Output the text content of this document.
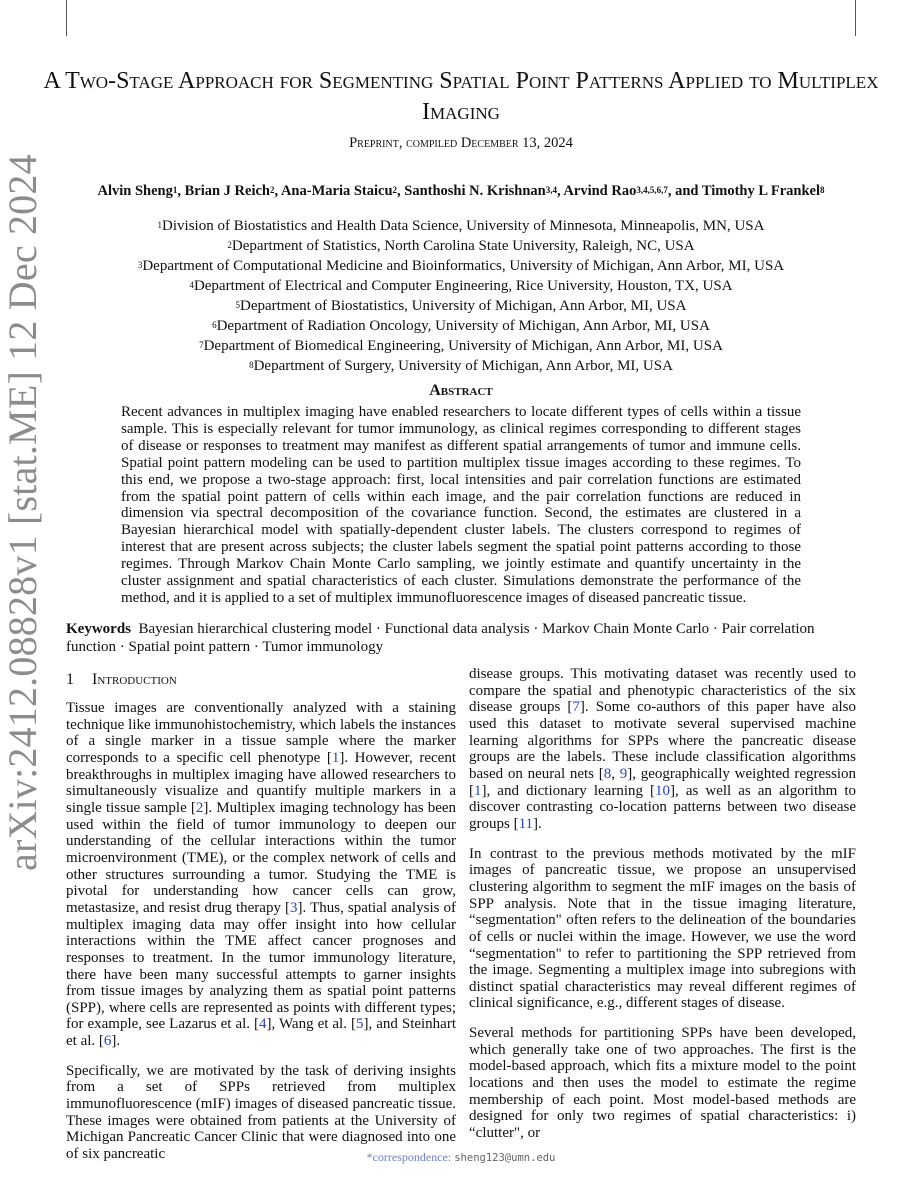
arXiv:2412.08828v1 [stat.ME] 12 Dec 2024
A Two-Stage Approach for Segmenting Spatial Point Patterns Applied to Multiplex Imaging
Preprint, compiled December 13, 2024
Alvin Sheng$^1$, Brian J Reich$^2$, Ana-Maria Staicu$^2$, Santhoshi N. Krishnan$^{3,4}$, Arvind Rao$^{3,4,5,6,7}$, and Timothy L Frankel$^8$
$^1$Division of Biostatistics and Health Data Science, University of Minnesota, Minneapolis, MN, USA
$^2$Department of Statistics, North Carolina State University, Raleigh, NC, USA
$^3$Department of Computational Medicine and Bioinformatics, University of Michigan, Ann Arbor, MI, USA
$^4$Department of Electrical and Computer Engineering, Rice University, Houston, TX, USA
$^5$Department of Biostatistics, University of Michigan, Ann Arbor, MI, USA
$^6$Department of Radiation Oncology, University of Michigan, Ann Arbor, MI, USA
$^7$Department of Biomedical Engineering, University of Michigan, Ann Arbor, MI, USA
$^8$Department of Surgery, University of Michigan, Ann Arbor, MI, USA
Abstract

Recent advances in multiplex imaging have enabled researchers to locate different types of cells within a tissue sample. This is especially relevant for tumor immunology, as clinical regimes corresponding to different stages of disease or responses to treatment may manifest as different spatial arrangements of tumor and immune cells. Spatial point pattern modeling can be used to partition multiplex tissue images according to these regimes. To this end, we propose a two-stage approach: first, local intensities and pair correlation functions are estimated from the spatial point pattern of cells within each image, and the pair correlation functions are reduced in dimension via spectral decomposition of the covariance function. Second, the estimates are clustered in a Bayesian hierarchical model with spatially-dependent cluster labels. The clusters correspond to regimes of interest that are present across subjects; the cluster labels segment the spatial point patterns according to those regimes. Through Markov Chain Monte Carlo sampling, we jointly estimate and quantify uncertainty in the cluster assignment and spatial characteristics of each cluster. Simulations demonstrate the performance of the method, and it is applied to a set of multiplex immunofluorescence images of diseased pancreatic tissue.

Keywords Bayesian hierarchical clustering model · Functional data analysis · Markov Chain Monte Carlo · Pair correlation function · Spatial point pattern · Tumor immunology

1 Introduction

Tissue images are conventionally analyzed with a staining technique like immunohistochemistry, which labels the instances of a single marker in a tissue sample where the marker corresponds to a specific cell phenotype [1]. However, recent breakthroughs in multiplex imaging have allowed researchers to simultaneously visualize and quantify multiple markers in a single tissue sample [2]. Multiplex imaging technology has been used within the field of tumor immunology to deepen our understanding of the cellular interactions within the tumor microenvironment (TME), or the complex network of cells and other structures surrounding a tumor. Studying the TME is pivotal for understanding how cancer cells can grow, metastasize, and resist drug therapy [3]. Thus, spatial analysis of multiplex imaging data may offer insight into how cellular interactions within the TME affect cancer prognoses and responses to treatment. In the tumor immunology literature, there have been many successful attempts to garner insights from tissue images by analyzing them as spatial point patterns (SPP), where cells are represented as points with different types; for example, see Lazarus et al. [4], Wang et al. [5], and Steinhart et al. [6].

Specifically, we are motivated by the task of deriving insights from a set of SPPs retrieved from multiplex immunofluorescence (mIF) images of diseased pancreatic tissue. These images were obtained from patients at the University of Michigan Pancreatic Cancer Clinic that were diagnosed into one of six pancreatic

disease groups. This motivating dataset was recently used to compare the spatial and phenotypic characteristics of the six disease groups [7]. Some co-authors of this paper have also used this dataset to motivate several supervised machine learning algorithms for SPPs where the pancreatic disease groups are the labels. These include classification algorithms based on neural nets [8, 9], geographically weighted regression [1], and dictionary learning [10], as well as an algorithm to discover contrasting co-location patterns between two disease groups [11].

In contrast to the previous methods motivated by the mIF images of pancreatic tissue, we propose an unsupervised clustering algorithm to segment the mIF images on the basis of SPP analysis. Note that in the tissue imaging literature, “segmentation" often refers to the delineation of the boundaries of cells or nuclei within the image. However, we use the word “segmentation" to refer to partitioning the SPP retrieved from the image. Segmenting a multiplex image into subregions with distinct spatial characteristics may reveal different regimes of clinical significance, e.g., different stages of disease.

Several methods for partitioning SPPs have been developed, which generally take one of two approaches. The first is the model-based approach, which fits a mixture model to the point locations and then uses the model to estimate the regime membership of each point. Most model-based methods are designed for only two regimes of spatial characteristics: i) “clutter", or

*correspondence: sheng123@umn.edu
